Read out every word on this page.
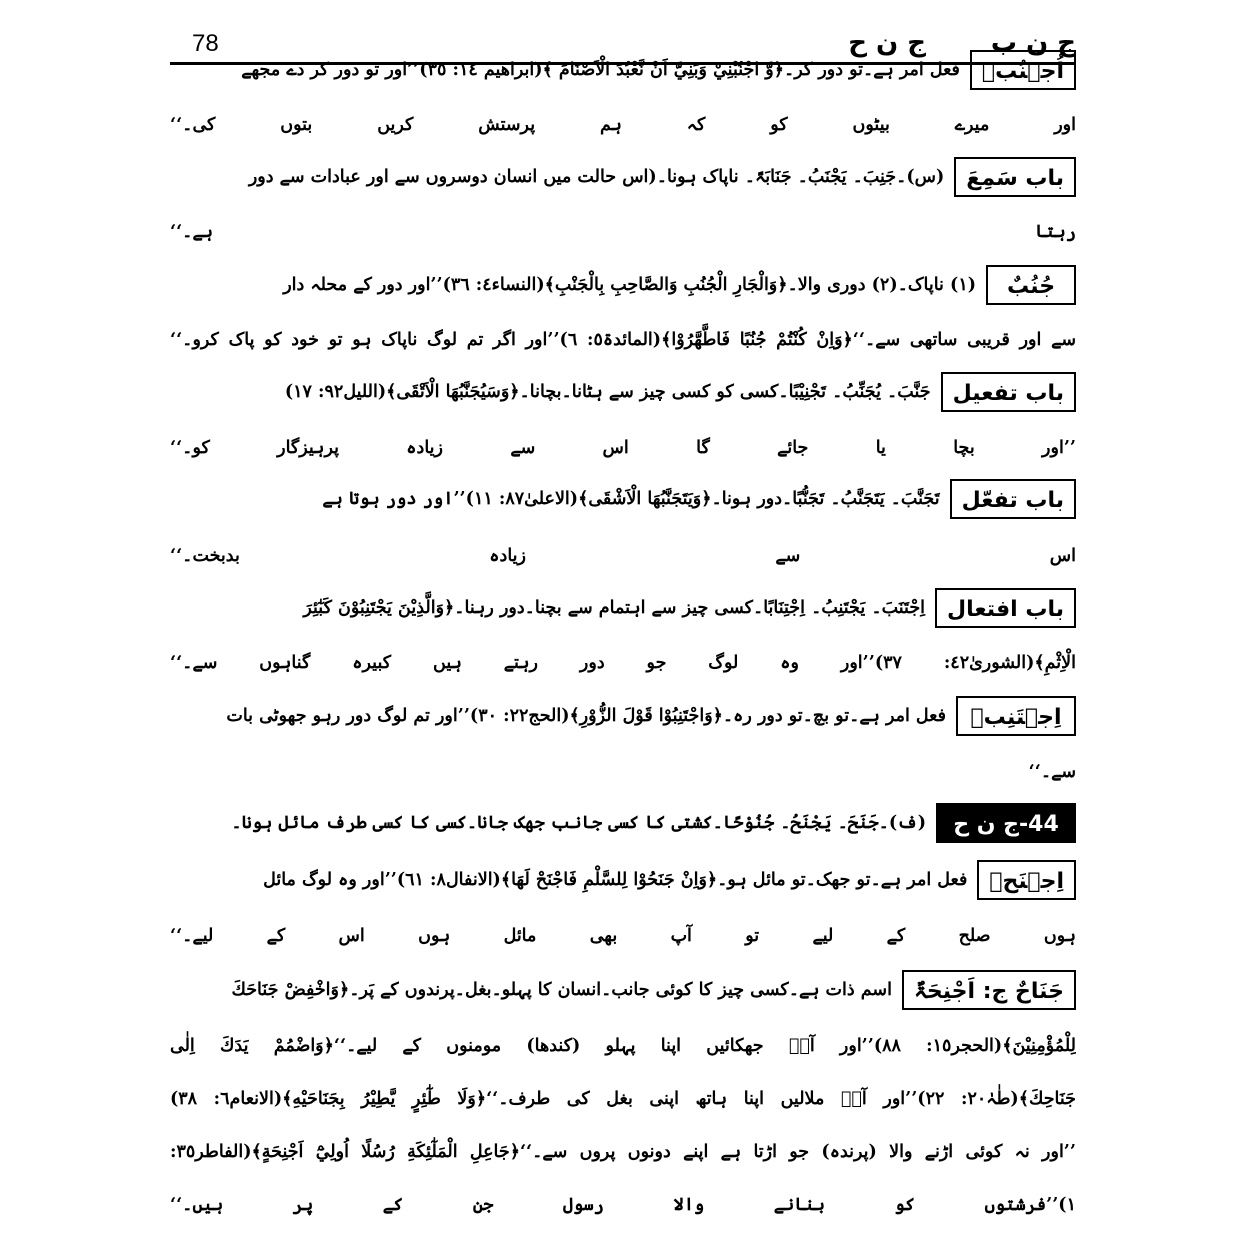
78	ج ن ح ج ن ب
اُجۡنُبۡفعل امر ہے۔تو دور کر۔﴿وَّ اجْنُبْنِيْ وَبَنِيَّ اَنْ نَّعْبُدَ الْاَصْنَامَ ﴾(ابراھیم ١٤: ٣٥)’’اور تو دور کر دے مجھے
اور میرے بیٹوں کو کہ ہم پرستش کریں بتوں کی۔‘‘
باب سَمِعَ(س)۔جَنِبَ۔ یَجْنَبُ۔ جَنَابَۃً۔ ناپاک ہونا۔(اس حالت میں انسان دوسروں سے اور عبادات سے دور
رہتا ہے۔‘‘
جُنُبٌ(١) ناپاک۔(٢) دوری والا۔﴿وَالْجَارِ الْجُنُبِ وَالصَّاحِبِ بِالْجَنْبِ﴾(النساء٤: ٣٦)’’اور دور کے محلہ دار
سے اور قریبی ساتھی سے۔‘‘﴿وَاِنْ كُنْتُمْ جُنُبًا فَاطَّهَّرُوْا﴾(المائدۃ٥: ٦)’’اور اگر تم لوگ ناپاک ہو تو خود کو پاک کرو۔‘‘
باب تفعیلجَنَّبَ۔ یُجَنِّبُ۔ تَجْنِیْبًا۔کسی کو کسی چیز سے ہٹانا۔بچانا۔﴿وَسَيُجَنَّبُهَا الْاَتْقَى﴾(اللیل٩٢: ١٧)
’’اور بچا یا جائے گا اس سے زیادہ پرہیزگار کو۔‘‘
باب تفعّلتَجَنَّبَ۔ یَتَجَنَّبُ۔ تَجَنُّبًا۔دور ہونا۔﴿وَيَتَجَنَّبُهَا الْاَشْقَى﴾(الاعلیٰ٨٧: ١١)’’اور دور ہوتا ہے
اس سے زیادہ بدبخت۔‘‘
باب افتعالاِجْتَنَبَ۔ یَجْتَنِبُ۔ اِجْتِنَابًا۔کسی چیز سے اہتمام سے بچنا۔دور رہنا۔﴿وَالَّذِيْنَ يَجْتَنِبُوْنَ كَبٰٓئِرَ
الْاِثْمِ﴾(الشوریٰ٤٢: ٣٧)’’اور وہ لوگ جو دور رہتے ہیں کبیرہ گناہوں سے۔‘‘
اِجۡتَنِبۡفعل امر ہے۔تو بچ۔تو دور رہ۔﴿وَاجْتَنِبُوْا قَوْلَ الزُّوْرِ﴾(الحج٢٢: ٣٠)’’اور تم لوگ دور رہو جھوٹی بات
سے۔‘‘
44-ج ن ح(ف)۔جَنَحَ۔ یَجْنَحُ۔ جُنُوْحًا۔کشتی کا کسی جانب جھک جانا۔کسی کا کسی طرف مائل ہونا۔
اِجۡنَحۡفعل امر ہے۔تو جھک۔تو مائل ہو۔﴿وَاِنْ جَنَحُوْا لِلسَّلْمِ فَاجْنَحْ لَهَا﴾(الانفال٨: ٦١)’’اور وہ لوگ مائل
ہوں صلح کے لیے تو آپ بھی مائل ہوں اس کے لیے۔‘‘
جَنَاحٌ ج: اَجْنِحَۃٌاسم ذات ہے۔کسی چیز کا کوئی جانب۔انسان کا پہلو۔بغل۔پرندوں کے پَر۔﴿وَاخْفِضْ جَنَاحَكَ
لِلْمُؤْمِنِيْنَ﴾(الحجر١٥: ٨٨)’’اور آپؐ جھکائیں اپنا پہلو (کندھا) مومنوں کے لیے۔‘‘﴿وَاضْمُمْ يَدَكَ اِلٰى
جَنَاحِكَ﴾(طٰہٰ٢٠: ٢٢)’’اور آپؐ ملالیں اپنا ہاتھ اپنی بغل کی طرف۔‘‘﴿وَلَا طٰٓئِرٍ يَّطِيْرُ بِجَنَاحَيْهِ﴾(الانعام٦: ٣٨)
’’اور نہ کوئی اڑنے والا (پرندہ) جو اڑتا ہے اپنے دونوں پروں سے۔‘‘﴿جَاعِلِ الْمَلٰٓئِكَةِ رُسُلًا اُولِيْٓ اَجْنِحَةٍ﴾(الفاطر٣٥:
١)’’فرشتوں کو بنانے والا رسول جن کے پر ہیں۔‘‘
